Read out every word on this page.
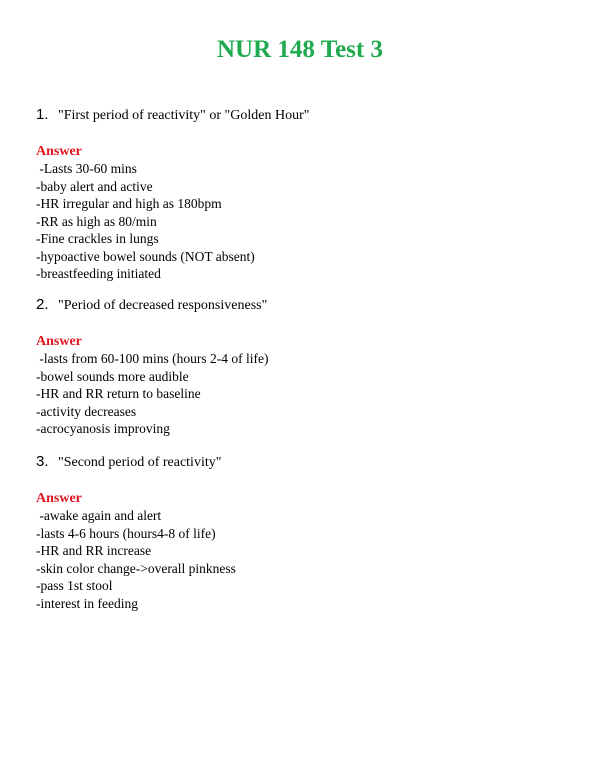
NUR 148 Test 3
1. "First period of reactivity" or "Golden Hour"
Answer
-Lasts 30-60 mins
-baby alert and active
-HR irregular and high as 180bpm
-RR as high as 80/min
-Fine crackles in lungs
-hypoactive bowel sounds (NOT absent)
-breastfeeding initiated
2. "Period of decreased responsiveness"
Answer
-lasts from 60-100 mins (hours 2-4 of life)
-bowel sounds more audible
-HR and RR return to baseline
-activity decreases
-acrocyanosis improving
3. "Second period of reactivity"
Answer
-awake again and alert
-lasts 4-6 hours (hours4-8 of life)
-HR and RR increase
-skin color change->overall pinkness
-pass 1st stool
-interest in feeding
